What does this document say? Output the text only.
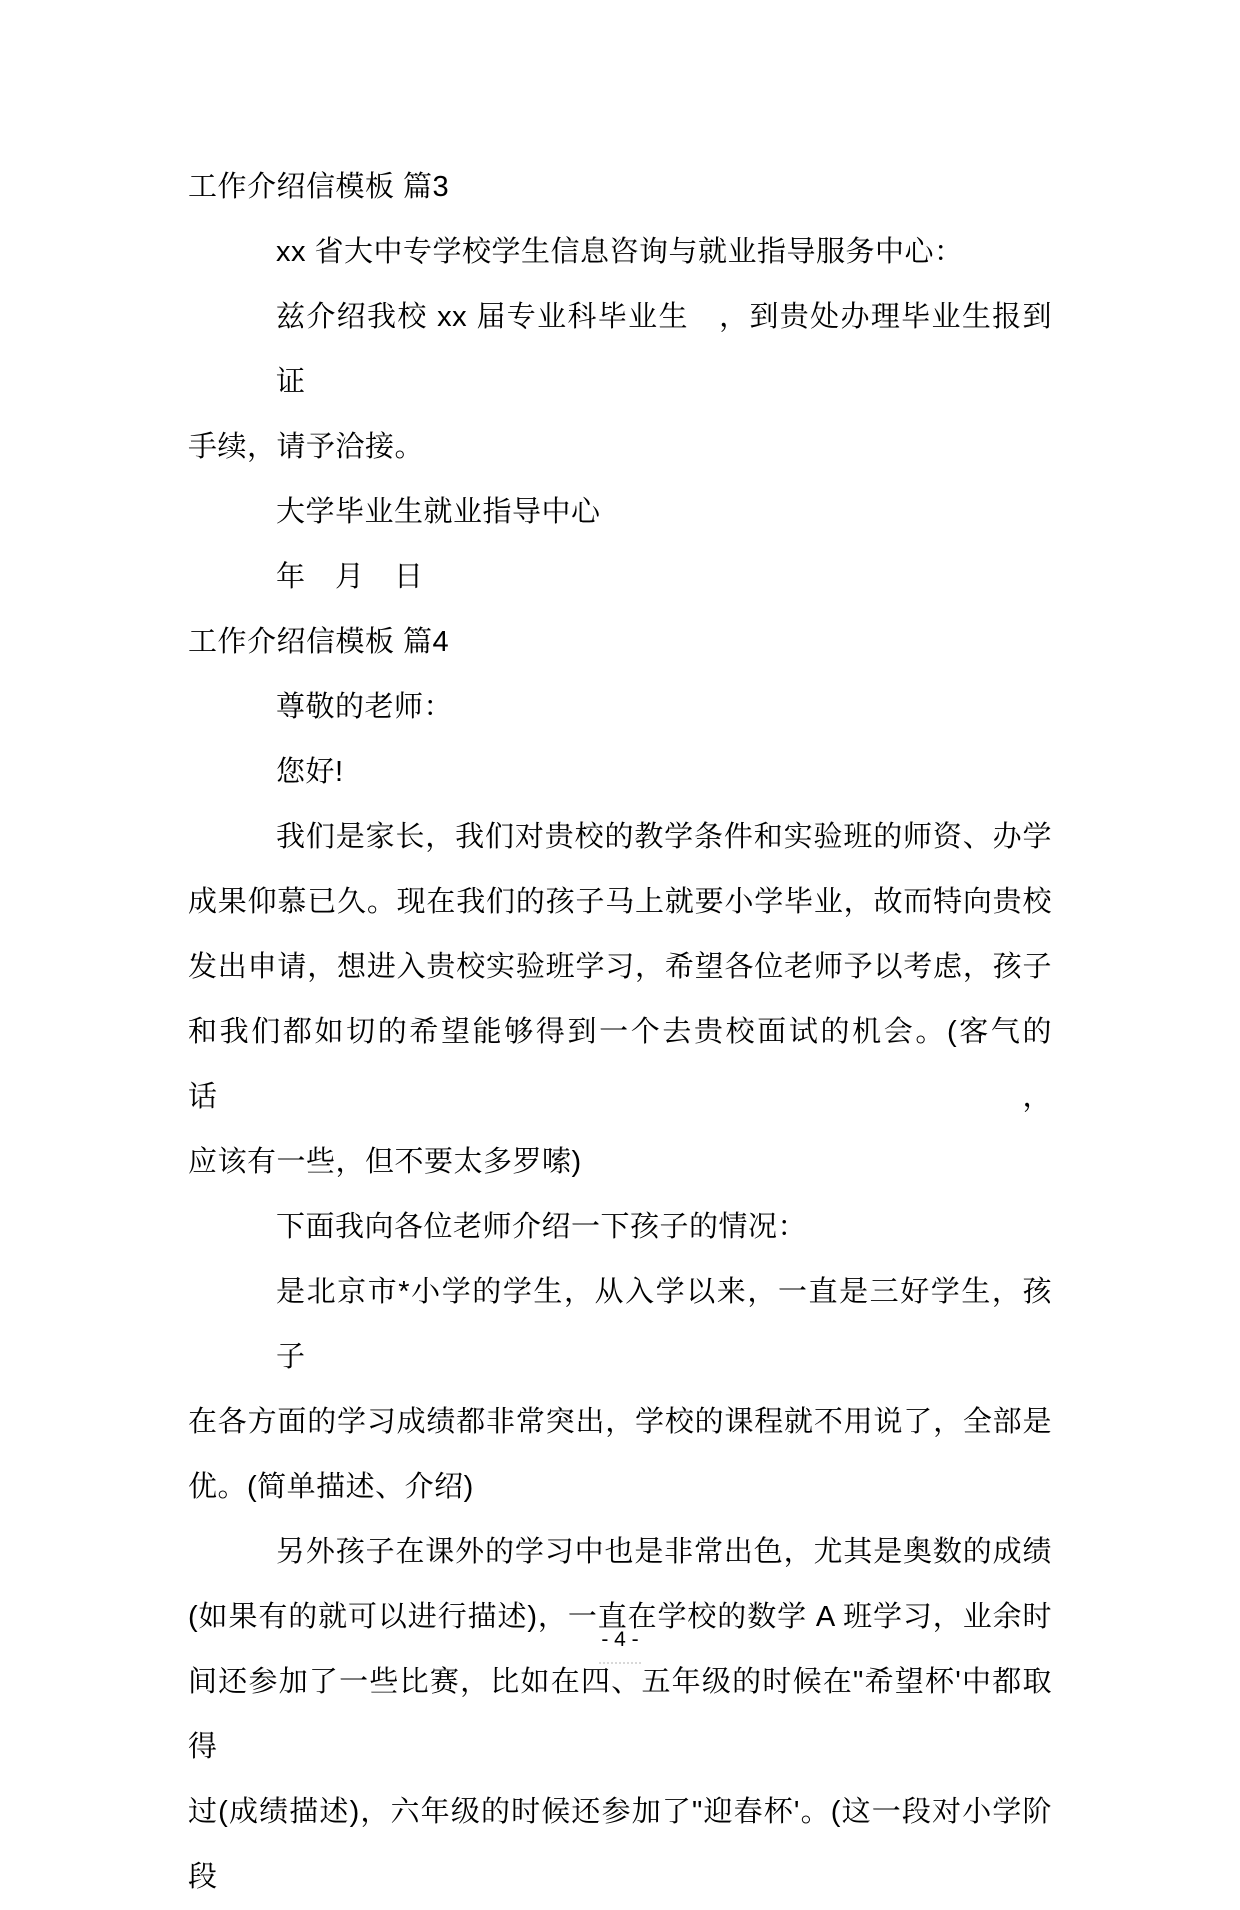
工作介绍信模板 篇3
xx 省大中专学校学生信息咨询与就业指导服务中心：
兹介绍我校 xx 届专业科毕业生　，到贵处办理毕业生报到证
手续，请予洽接。
大学毕业生就业指导中心
年　月　日
工作介绍信模板 篇4
尊敬的老师：
您好!
我们是家长，我们对贵校的教学条件和实验班的师资、办学
成果仰慕已久。现在我们的孩子马上就要小学毕业，故而特向贵校
发出申请，想进入贵校实验班学习，希望各位老师予以考虑，孩子
和我们都如切的希望能够得到一个去贵校面试的机会。(客气的话，
应该有一些，但不要太多罗嗦)
下面我向各位老师介绍一下孩子的情况：
是北京市*小学的学生，从入学以来，一直是三好学生，孩子
在各方面的学习成绩都非常突出，学校的课程就不用说了，全部是
优。(简单描述、介绍)
另外孩子在课外的学习中也是非常出色，尤其是奥数的成绩
(如果有的就可以进行描述)，一直在学校的数学 A 班学习，业余时
间还参加了一些比赛，比如在四、五年级的时候在"希望杯'中都取得
过(成绩描述)，六年级的时候还参加了"迎春杯'。(这一段对小学阶段
- 4 -
